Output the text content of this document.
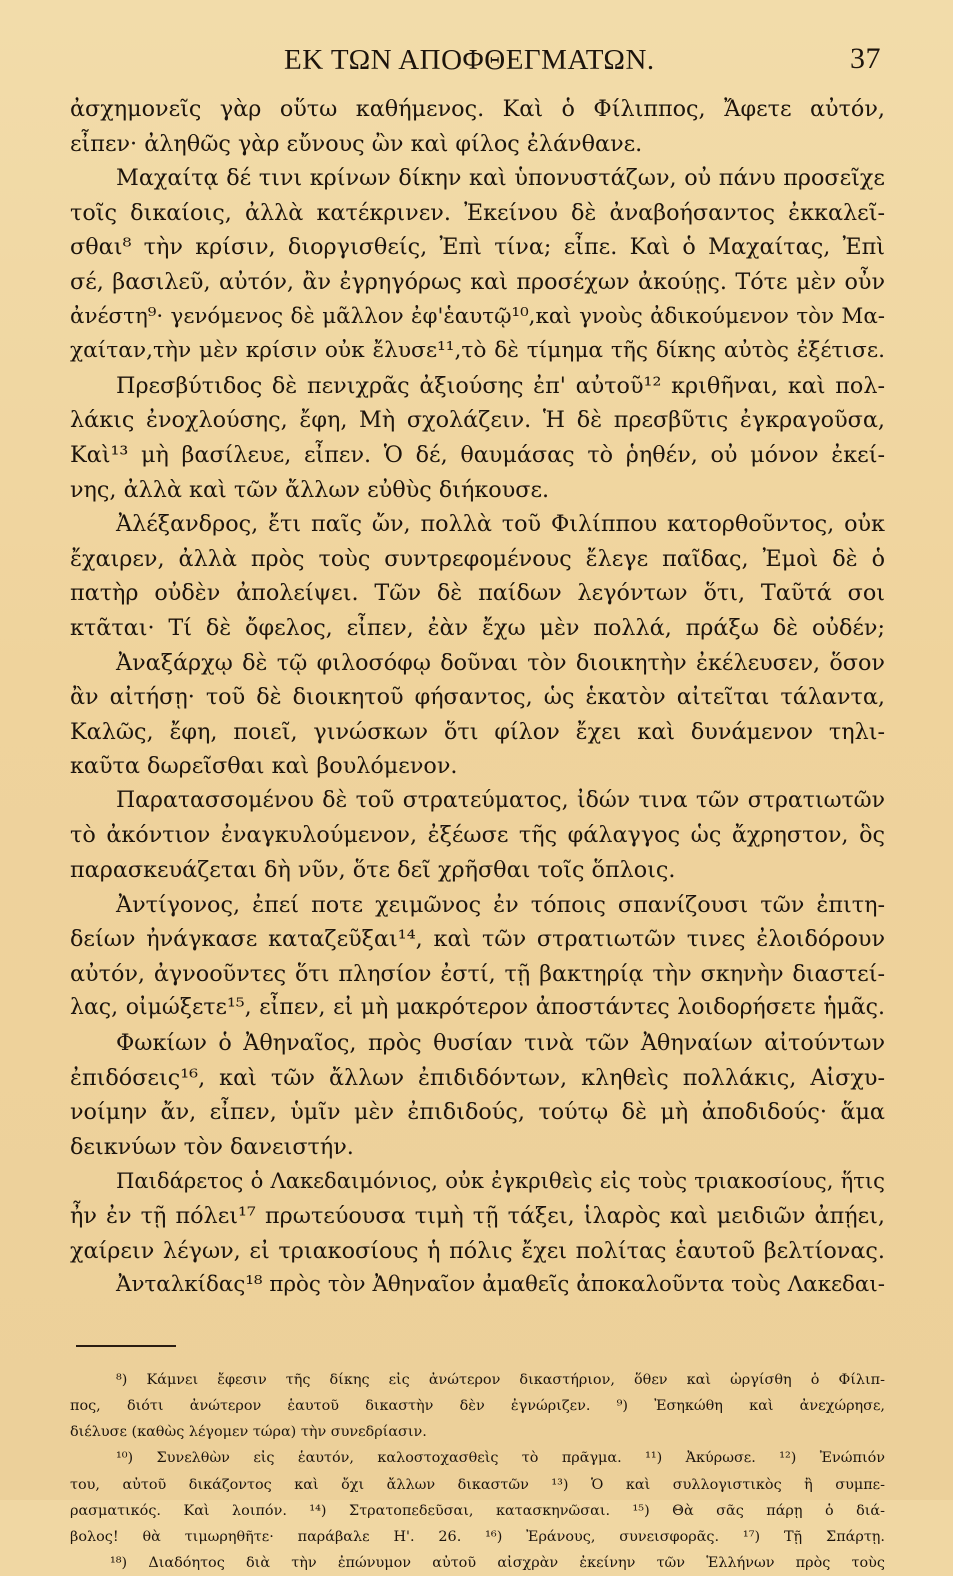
ΕΚ ΤΩΝ ΑΠΟΦΘΕΓΜΑΤΩΝ.	37
ἀσχημονεῖς γὰρ οὕτω καθήμενος. Καὶ ὁ Φίλιππος, Ἄφετε αὐτόν,
εἶπεν· ἀληθῶς γὰρ εὔνους ὢν καὶ φίλος ἐλάνθανε.
Μαχαίτᾳ δέ τινι κρίνων δίκην καὶ ὑπονυστάζων, οὐ πάνυ προσεῖχε
τοῖς δικαίοις, ἀλλὰ κατέκρινεν. Ἐκείνου δὲ ἀναβοήσαντος ἐκκαλεῖ-
σθαι⁸ τὴν κρίσιν, διοργισθείς, Ἐπὶ τίνα; εἶπε. Καὶ ὁ Μαχαίτας, Ἐπὶ
σέ, βασιλεῦ, αὐτόν, ἂν ἐγρηγόρως καὶ προσέχων ἀκούῃς. Τότε μὲν οὖν
ἀνέστη⁹· γενόμενος δὲ μᾶλλον ἐφ'ἑαυτῷ¹⁰,καὶ γνοὺς ἀδικούμενον τὸν Μα-
χαίταν,τὴν μὲν κρίσιν οὐκ ἔλυσε¹¹,τὸ δὲ τίμημα τῆς δίκης αὐτὸς ἐξέτισε.
Πρεσβύτιδος δὲ πενιχρᾶς ἀξιούσης ἐπ' αὐτοῦ¹² κριθῆναι, καὶ πολ-
λάκις ἐνοχλούσης, ἔφη, Μὴ σχολάζειν. Ἡ δὲ πρεσβῦτις ἐγκραγοῦσα,
Καὶ¹³ μὴ βασίλευε, εἶπεν. Ὁ δέ, θαυμάσας τὸ ῥηθέν, οὐ μόνον ἐκεί-
νης, ἀλλὰ καὶ τῶν ἄλλων εὐθὺς διήκουσε.
Ἀλέξανδρος, ἔτι παῖς ὤν, πολλὰ τοῦ Φιλίππου κατορθοῦντος, οὐκ
ἔχαιρεν, ἀλλὰ πρὸς τοὺς συντρεφομένους ἔλεγε παῖδας, Ἐμοὶ δὲ ὁ
πατὴρ οὐδὲν ἀπολείψει. Τῶν δὲ παίδων λεγόντων ὅτι, Ταῦτά σοι
κτᾶται· Τί δὲ ὄφελος, εἶπεν, ἐὰν ἔχω μὲν πολλά, πράξω δὲ οὐδέν;
Ἀναξάρχῳ δὲ τῷ φιλοσόφῳ δοῦναι τὸν διοικητὴν ἐκέλευσεν, ὅσον
ἂν αἰτήσῃ· τοῦ δὲ διοικητοῦ φήσαντος, ὡς ἑκατὸν αἰτεῖται τάλαντα,
Καλῶς, ἔφη, ποιεῖ, γινώσκων ὅτι φίλον ἔχει καὶ δυνάμενον τηλι-
καῦτα δωρεῖσθαι καὶ βουλόμενον.
Παρατασσομένου δὲ τοῦ στρατεύματος, ἰδών τινα τῶν στρατιωτῶν
τὸ ἀκόντιον ἐναγκυλούμενον, ἐξέωσε τῆς φάλαγγος ὡς ἄχρηστον, ὃς
παρασκευάζεται δὴ νῦν, ὅτε δεῖ χρῆσθαι τοῖς ὅπλοις.
Ἀντίγονος, ἐπεί ποτε χειμῶνος ἐν τόποις σπανίζουσι τῶν ἐπιτη-
δείων ἠνάγκασε καταζεῦξαι¹⁴, καὶ τῶν στρατιωτῶν τινες ἐλοιδόρουν
αὐτόν, ἀγνοοῦντες ὅτι πλησίον ἐστί, τῇ βακτηρίᾳ τὴν σκηνὴν διαστεί-
λας, οἰμώξετε¹⁵, εἶπεν, εἰ μὴ μακρότερον ἀποστάντες λοιδορήσετε ἡμᾶς.
Φωκίων ὁ Ἀθηναῖος, πρὸς θυσίαν τινὰ τῶν Ἀθηναίων αἰτούντων
ἐπιδόσεις¹⁶, καὶ τῶν ἄλλων ἐπιδιδόντων, κληθεὶς πολλάκις, Αἰσχυ-
νοίμην ἄν, εἶπεν, ὑμῖν μὲν ἐπιδιδούς, τούτῳ δὲ μὴ ἀποδιδούς· ἅμα
δεικνύων τὸν δανειστήν.
Παιδάρετος ὁ Λακεδαιμόνιος, οὐκ ἐγκριθεὶς εἰς τοὺς τριακοσίους, ἥτις
ἦν ἐν τῇ πόλει¹⁷ πρωτεύουσα τιμὴ τῇ τάξει, ἱλαρὸς καὶ μειδιῶν ἀπῄει,
χαίρειν λέγων, εἰ τριακοσίους ἡ πόλις ἔχει πολίτας ἑαυτοῦ βελτίονας.
Ἀνταλκίδας¹⁸ πρὸς τὸν Ἀθηναῖον ἀμαθεῖς ἀποκαλοῦντα τοὺς Λακεδαι-
⁸) Κάμνει ἔφεσιν τῆς δίκης εἰς ἀνώτερον δικαστήριον, ὅθεν καὶ ὠργίσθη ὁ Φίλιπ-
πος, διότι ἀνώτερον ἑαυτοῦ δικαστὴν δὲν ἐγνώριζεν. ⁹) Ἐσηκώθη καὶ ἀνεχώρησε,
διέλυσε (καθὼς λέγομεν τώρα) τὴν συνεδρίασιν.
¹⁰) Συνελθὼν εἰς ἑαυτόν, καλοστοχασθεὶς τὸ πρᾶγμα. ¹¹) Ἀκύρωσε. ¹²) Ἐνώπιόν
του, αὐτοῦ δικάζοντος καὶ ὄχι ἄλλων δικαστῶν ¹³) Ὁ καὶ συλλογιστικὸς ἢ συμπε-
ρασματικός. Καὶ λοιπόν. ¹⁴) Στρατοπεδεῦσαι, κατασκηνῶσαι. ¹⁵) Θὰ σᾶς πάρῃ ὁ διά-
βολος! θὰ τιμωρηθῆτε· παράβαλε Η'. 26. ¹⁶) Ἐράνους, συνεισφορᾶς. ¹⁷) Τῇ Σπάρτῃ.
¹⁸) Διαδόητος διὰ τὴν ἐπώνυμον αὐτοῦ αἰσχρὰν ἐκείνην τῶν Ἑλλήνων πρὸς τοὺς
